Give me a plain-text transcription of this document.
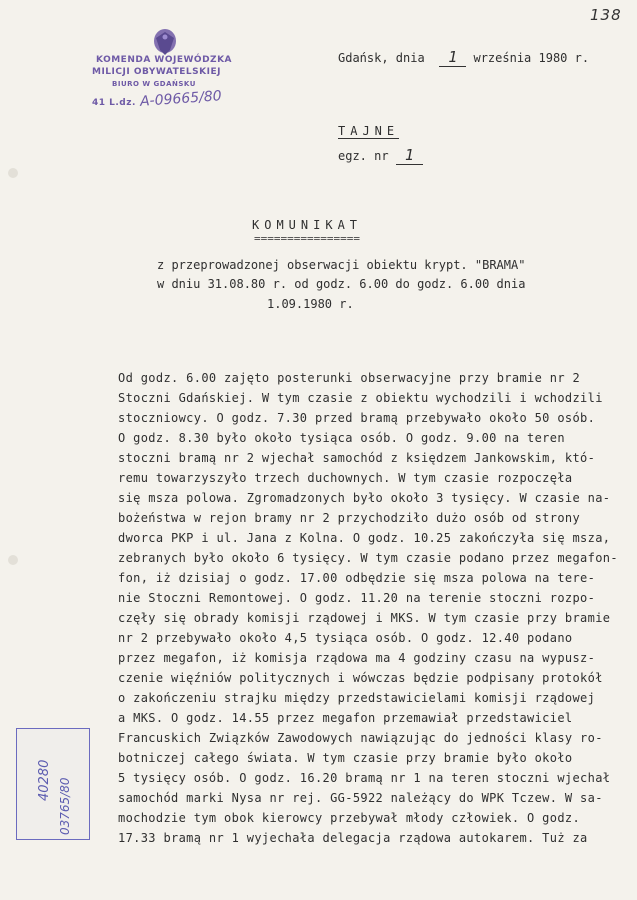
138

KOMENDA WOJEWÓDZKA

MILICJI OBYWATELSKIEJ

BIURO W GDAŃSKU

41 L.dz.

A-09665/80

Gdańsk, dnia 1 września 1980 r.
TAJNE
egz. nr 1
KOMUNIKAT
================
z przeprowadzonej obserwacji obiektu krypt. "BRAMA"
w dniu 31.08.80 r. od godz. 6.00 do godz. 6.00 dnia
1.09.1980 r.
Od godz. 6.00 zajęto posterunki obserwacyjne przy bramie nr 2
Stoczni Gdańskiej. W tym czasie z obiektu wychodzili i wchodzili
stoczniowcy. O godz. 7.30 przed bramą przebywało około 50 osób.
O godz. 8.30 było około tysiąca osób. O godz. 9.00 na teren
stoczni bramą nr 2 wjechał samochód z księdzem Jankowskim, któ-
remu towarzyszyło trzech duchownych. W tym czasie rozpoczęła
się msza polowa. Zgromadzonych było około 3 tysięcy. W czasie na-
bożeństwa w rejon bramy nr 2 przychodziło dużo osób od strony
dworca PKP i ul. Jana z Kolna. O godz. 10.25 zakończyła się msza,
zebranych było około 6 tysięcy. W tym czasie podano przez megafon-
fon, iż dzisiaj o godz. 17.00 odbędzie się msza polowa na tere-
nie Stoczni Remontowej. O godz. 11.20 na terenie stoczni rozpo-
częły się obrady komisji rządowej i MKS. W tym czasie przy bramie
nr 2 przebywało około 4,5 tysiąca osób. O godz. 12.40 podano
przez megafon, iż komisja rządowa ma 4 godziny czasu na wypusz-
czenie więźniów politycznych i wówczas będzie podpisany protokół
o zakończeniu strajku między przedstawicielami komisji rządowej
a MKS. O godz. 14.55 przez megafon przemawiał przedstawiciel
Francuskich Związków Zawodowych nawiązując do jedności klasy ro-
botniczej całego świata. W tym czasie przy bramie było około
5 tysięcy osób. O godz. 16.20 bramą nr 1 na teren stoczni wjechał
samochód marki Nysa nr rej. GG-5922 należący do WPK Tczew. W sa-
mochodzie tym obok kierowcy przebywał młody człowiek. O godz.
17.33 bramą nr 1 wyjechała delegacja rządowa autokarem. Tuż za
40280 03765/80
